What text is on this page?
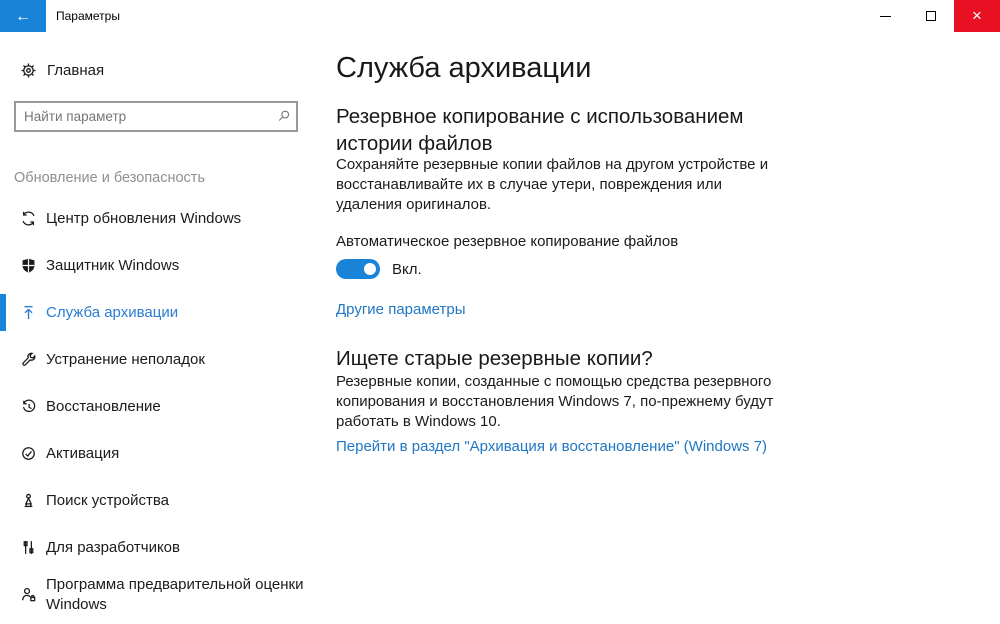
←	Параметры	×
Главная
Найти параметр
Обновление и безопасность
Центр обновления Windows
Защитник Windows
Служба архивации
Устранение неполадок
Восстановление
Активация
Поиск устройства
Для разработчиков
Программа предварительной оценки Windows
Служба архивации
Резервное копирование с использованием истории файлов
Сохраняйте резервные копии файлов на другом устройстве и восстанавливайте их в случае утери, повреждения или удаления оригиналов.
Автоматическое резервное копирование файлов
Вкл.
Другие параметры
Ищете старые резервные копии?
Резервные копии, созданные с помощью средства резервного копирования и восстановления Windows 7, по-прежнему будут работать в Windows 10.
Перейти в раздел "Архивация и восстановление" (Windows 7)
